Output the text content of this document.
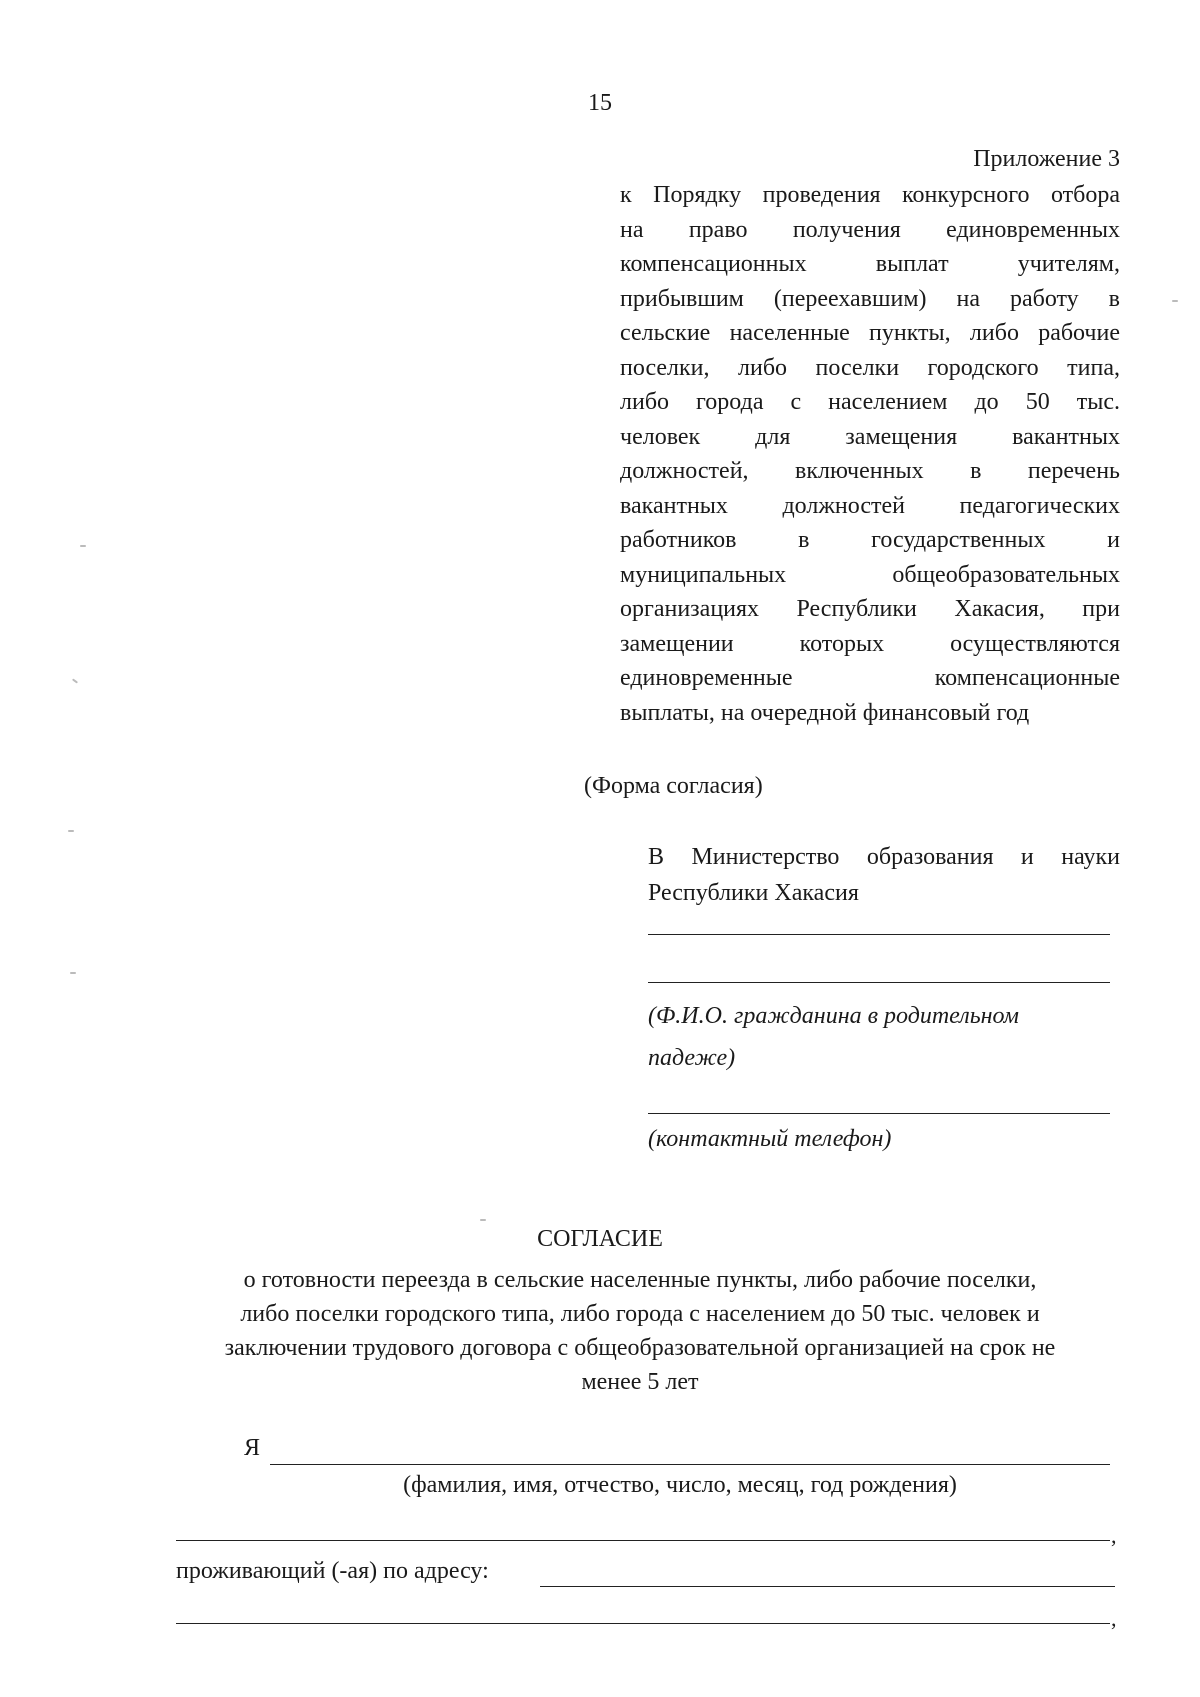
15
Приложение 3
к Порядку проведения конкурсного отбора
на право получения единовременных
компенсационных выплат учителям,
прибывшим (переехавшим) на работу в
сельские населенные пункты, либо рабочие
поселки, либо поселки городского типа,
либо города с населением до 50 тыс.
человек для замещения вакантных
должностей, включенных в перечень
вакантных должностей педагогических
работников в государственных и
муниципальных общеобразовательных
организациях Республики Хакасия, при
замещении которых осуществляются
единовременные компенсационные
выплаты, на очередной финансовый год
(Форма согласия)
В Министерство образования и науки
Республики Хакасия
(Ф.И.О. гражданина в родительном
падеже)
(контактный телефон)
СОГЛАСИЕ
о готовности переезда в сельские населенные пункты, либо рабочие поселки,
либо поселки городского типа, либо города с населением до 50 тыс. человек и
заключении трудового договора с общеобразовательной организацией на срок не
менее 5 лет
Я
(фамилия, имя, отчество, число, месяц, год рождения)
,
проживающий (-ая) по адресу:
,
